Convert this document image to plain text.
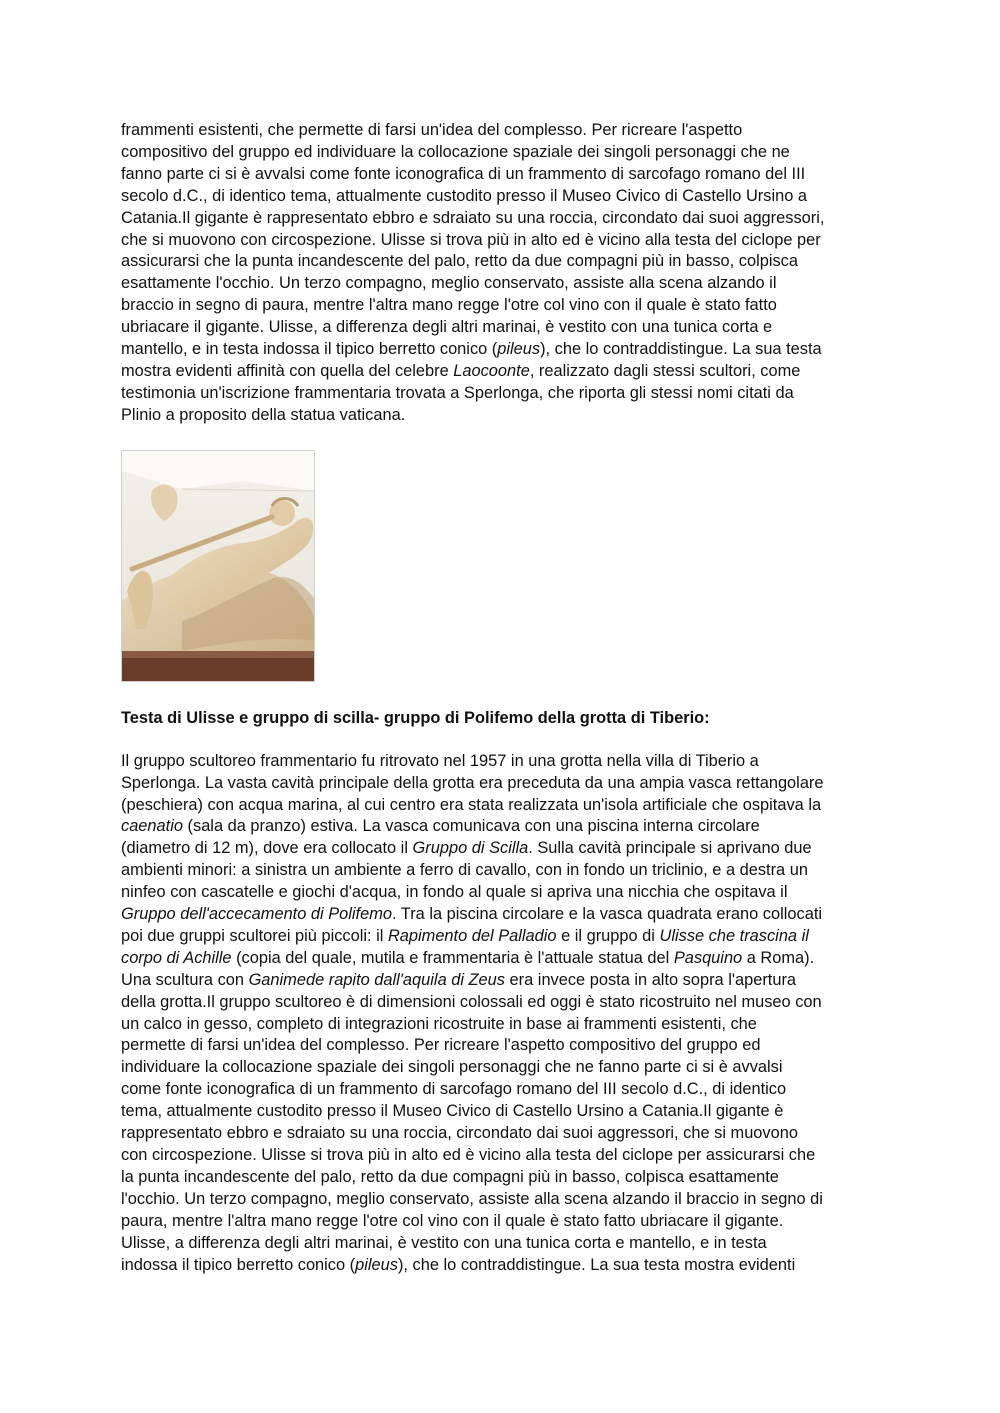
frammenti esistenti, che permette di farsi un'idea del complesso. Per ricreare l'aspetto
compositivo del gruppo ed individuare la collocazione spaziale dei singoli personaggi che ne
fanno parte ci si è avvalsi come fonte iconografica di un frammento di sarcofago romano del III
secolo d.C., di identico tema, attualmente custodito presso il Museo Civico di Castello Ursino a
Catania.Il gigante è rappresentato ebbro e sdraiato su una roccia, circondato dai suoi aggressori,
che si muovono con circospezione. Ulisse si trova più in alto ed è vicino alla testa del ciclope per
assicurarsi che la punta incandescente del palo, retto da due compagni più in basso, colpisca
esattamente l'occhio. Un terzo compagno, meglio conservato, assiste alla scena alzando il
braccio in segno di paura, mentre l'altra mano regge l'otre col vino con il quale è stato fatto
ubriacare il gigante. Ulisse, a differenza degli altri marinai, è vestito con una tunica corta e
mantello, e in testa indossa il tipico berretto conico (pileus), che lo contraddistingue. La sua testa
mostra evidenti affinità con quella del celebre Laocoonte, realizzato dagli stessi scultori, come
testimonia un'iscrizione frammentaria trovata a Sperlonga, che riporta gli stessi nomi citati da
Plinio a proposito della statua vaticana.

Testa di Ulisse e gruppo di scilla- gruppo di Polifemo della grotta di Tiberio:

Il gruppo scultoreo frammentario fu ritrovato nel 1957 in una grotta nella villa di Tiberio a
Sperlonga. La vasta cavità principale della grotta era preceduta da una ampia vasca rettangolare
(peschiera) con acqua marina, al cui centro era stata realizzata un'isola artificiale che ospitava la
caenatio (sala da pranzo) estiva. La vasca comunicava con una piscina interna circolare
(diametro di 12 m), dove era collocato il Gruppo di Scilla. Sulla cavità principale si aprivano due
ambienti minori: a sinistra un ambiente a ferro di cavallo, con in fondo un triclinio, e a destra un
ninfeo con cascatelle e giochi d'acqua, in fondo al quale si apriva una nicchia che ospitava il
Gruppo dell'accecamento di Polifemo. Tra la piscina circolare e la vasca quadrata erano collocati
poi due gruppi scultorei più piccoli: il Rapimento del Palladio e il gruppo di Ulisse che trascina il
corpo di Achille (copia del quale, mutila e frammentaria è l'attuale statua del Pasquino a Roma).
Una scultura con Ganimede rapito dall'aquila di Zeus era invece posta in alto sopra l'apertura
della grotta.Il gruppo scultoreo è di dimensioni colossali ed oggi è stato ricostruito nel museo con
un calco in gesso, completo di integrazioni ricostruite in base ai frammenti esistenti, che
permette di farsi un'idea del complesso. Per ricreare l'aspetto compositivo del gruppo ed
individuare la collocazione spaziale dei singoli personaggi che ne fanno parte ci si è avvalsi
come fonte iconografica di un frammento di sarcofago romano del III secolo d.C., di identico
tema, attualmente custodito presso il Museo Civico di Castello Ursino a Catania.Il gigante è
rappresentato ebbro e sdraiato su una roccia, circondato dai suoi aggressori, che si muovono
con circospezione. Ulisse si trova più in alto ed è vicino alla testa del ciclope per assicurarsi che
la punta incandescente del palo, retto da due compagni più in basso, colpisca esattamente
l'occhio. Un terzo compagno, meglio conservato, assiste alla scena alzando il braccio in segno di
paura, mentre l'altra mano regge l'otre col vino con il quale è stato fatto ubriacare il gigante.
Ulisse, a differenza degli altri marinai, è vestito con una tunica corta e mantello, e in testa
indossa il tipico berretto conico (pileus), che lo contraddistingue. La sua testa mostra evidenti
